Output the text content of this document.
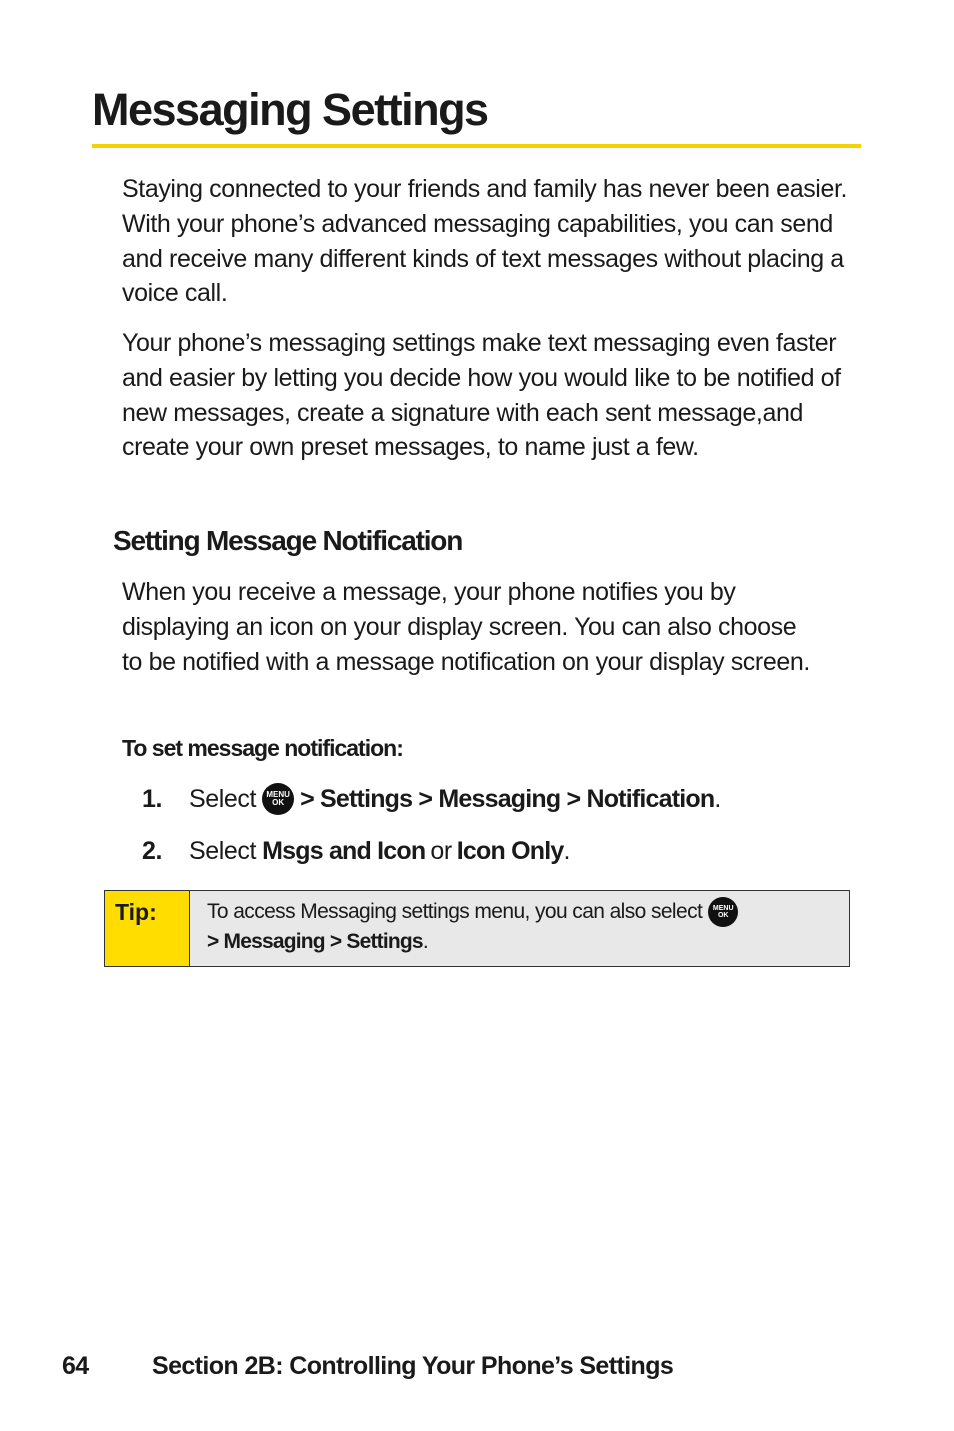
Messaging Settings

Staying connected to your friends and family has never been easier. With your phone’s advanced messaging capabilities, you can send and receive many different kinds of text messages without placing a voice call.

Your phone’s messaging settings make text messaging even faster and easier by letting you decide how you would like to be notified of new messages, create a signature with each sent message,and create your own preset messages, to name just a few.

Setting Message Notification

When you receive a message, your phone notifies you by displaying an icon on your display screen. You can also choose to be notified with a message notification on your display screen.

To set message notification:
1.	Select MENU
OK > Settings > Messaging > Notification .
2.	Select Msgs and Icon or Icon Only .
Tip:	To access Messaging settings menu, you can also select MENU
OK
> Messaging > Settings .
64	Section 2B: Controlling Your Phone’s Settings
